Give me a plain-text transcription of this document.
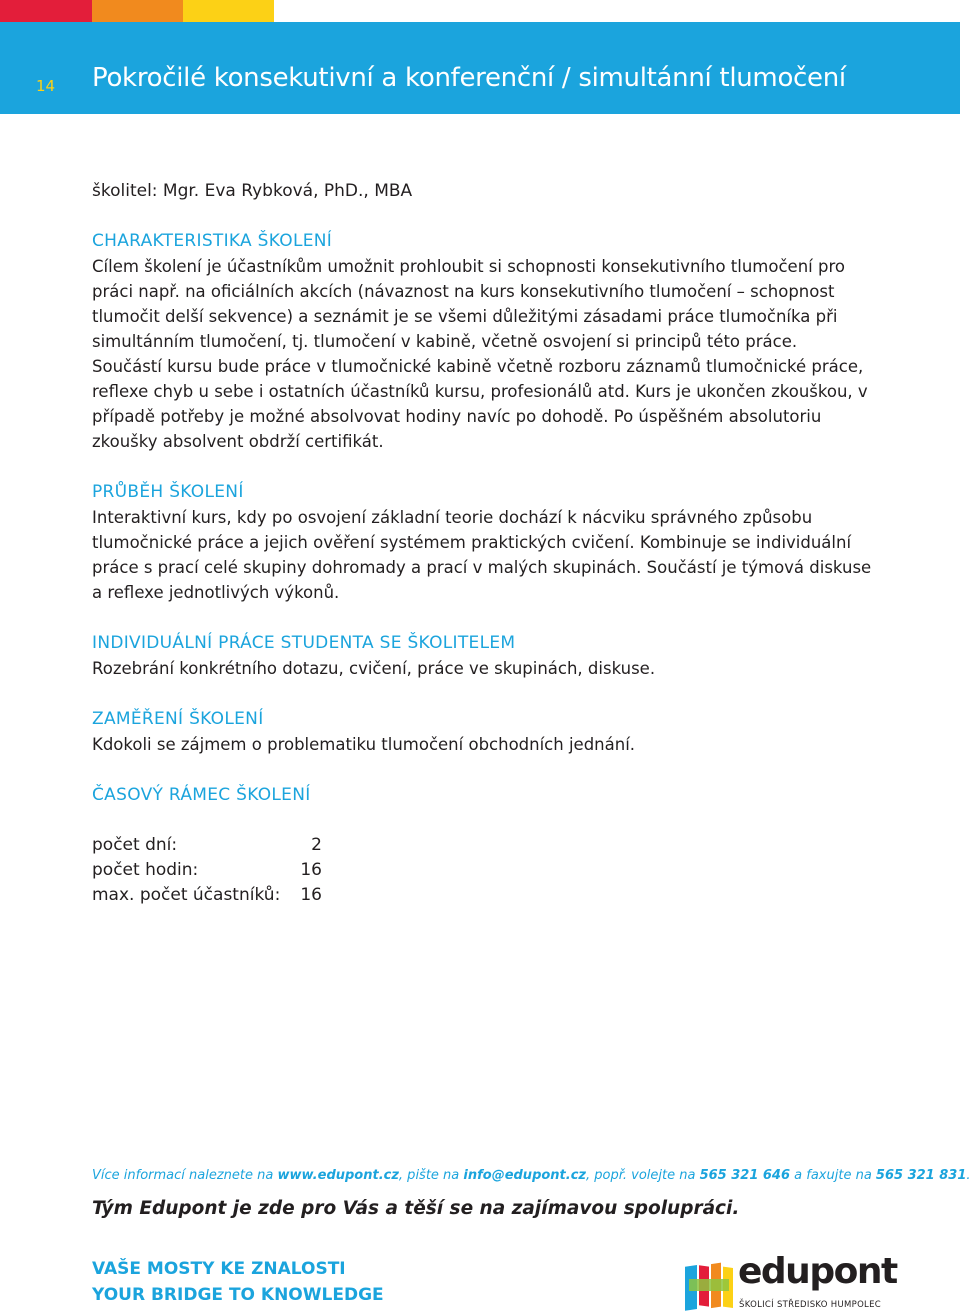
14 Pokročilé konsekutivní a konferenční / simultánní tlumočení

školitel: Mgr. Eva Rybková, PhD., MBA

CHARAKTERISTIKA ŠKOLENÍ

Cílem školení je účastníkům umožnit prohloubit si schopnosti konsekutivního tlumočení pro práci např. na oficiálních akcích (návaznost na kurs konsekutivního tlumočení – schopnost tlumočit delší sekvence) a seznámit je se všemi důležitými zásadami práce tlumočníka při simultánním tlumočení, tj. tlumočení v kabině, včetně osvojení si principů této práce. Součástí kursu bude práce v tlumočnické kabině včetně rozboru záznamů tlumočnické práce, reflexe chyb u sebe i ostatních účastníků kursu, profesionálů atd. Kurs je ukončen zkouškou, v případě potřeby je možné absolvovat hodiny navíc po dohodě. Po úspěšném absolutoriu zkoušky absolvent obdrží certifikát.

PRŮBĚH ŠKOLENÍ

Interaktivní kurs, kdy po osvojení základní teorie dochází k nácviku správného způsobu tlumočnické práce a jejich ověření systémem praktických cvičení. Kombinuje se individuální práce s prací celé skupiny dohromady a prací v malých skupinách. Součástí je týmová diskuse a reflexe jednotlivých výkonů.

INDIVIDUÁLNÍ PRÁCE STUDENTA SE ŠKOLITELEM

Rozebrání konkrétního dotazu, cvičení, práce ve skupinách, diskuse.

ZAMĚŘENÍ ŠKOLENÍ

Kdokoli se zájmem o problematiku tlumočení obchodních jednání.

ČASOVÝ RÁMEC ŠKOLENÍ
počet dní:	2
počet hodin:	16
max. počet účastníků: 16
Více informací naleznete na www.edupont.cz, pište na info@edupont.cz, popř. volejte na 565 321 646 a faxujte na 565 321 831.
Tým Edupont je zde pro Vás a těší se na zajímavou spolupráci.
VAŠE MOSTY KE ZNALOSTI
YOUR BRIDGE TO KNOWLEDGE
edupont
ŠKOLICÍ STŘEDISKO HUMPOLEC
